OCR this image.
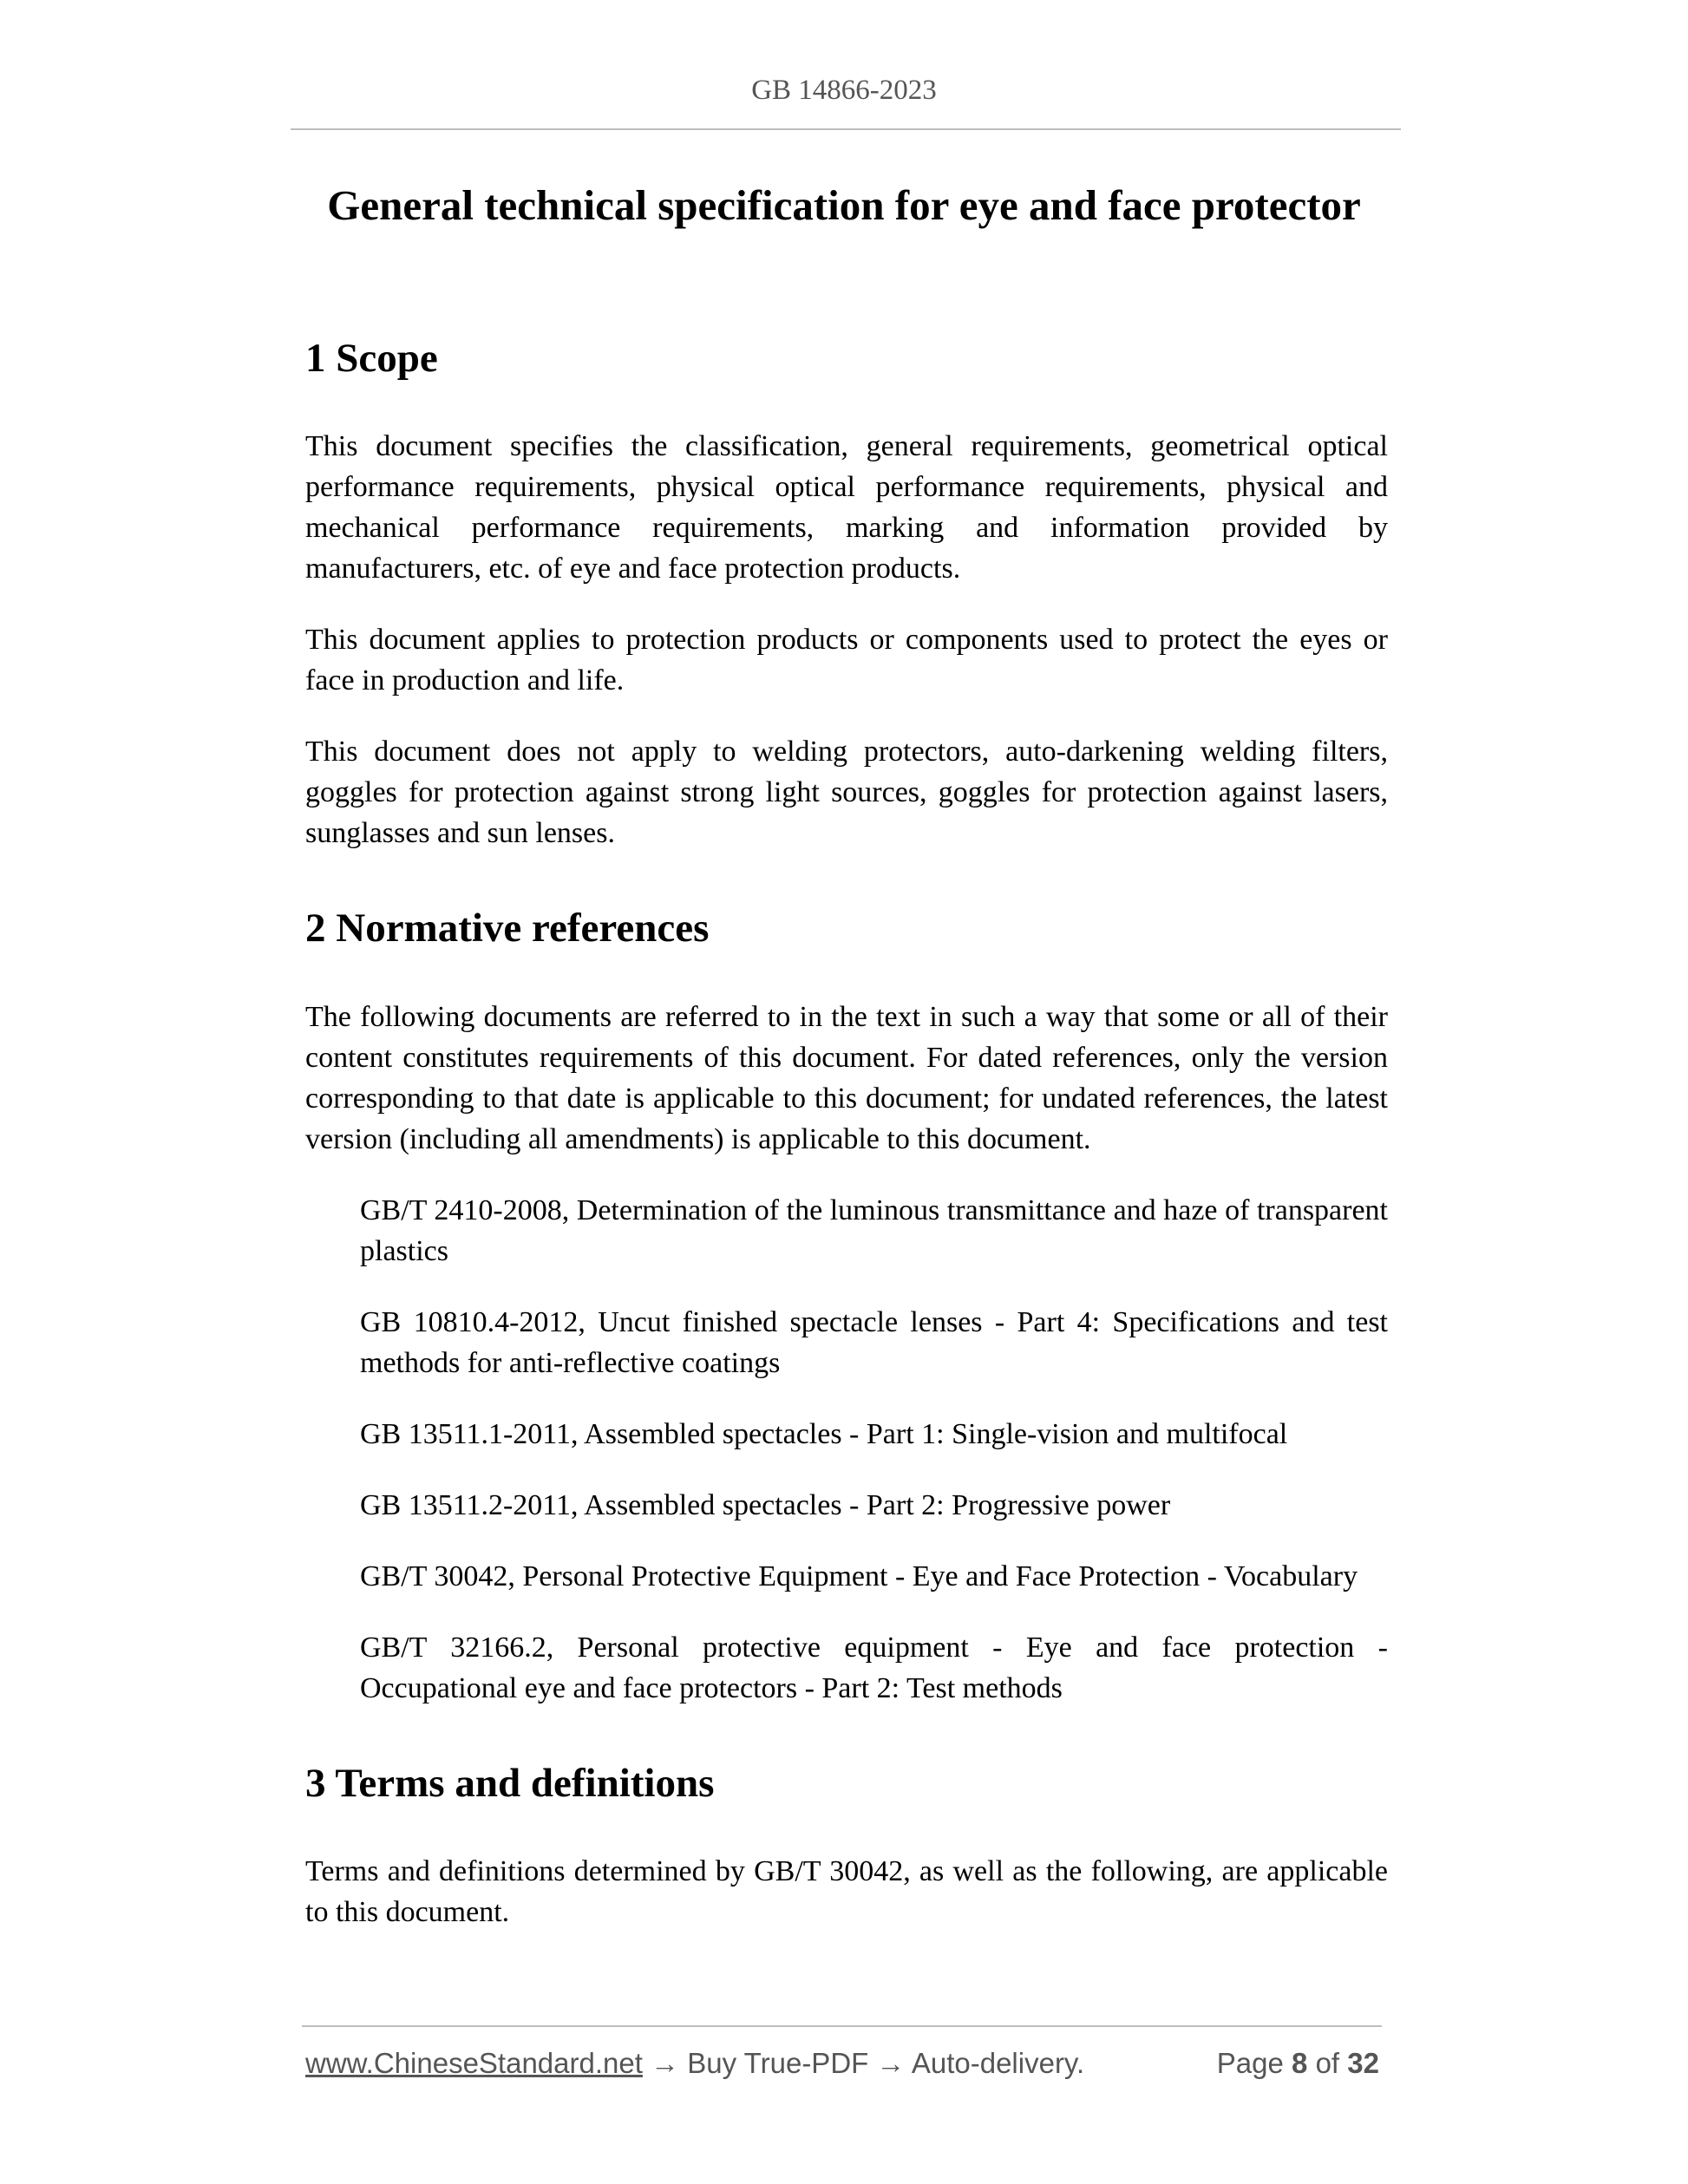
GB 14866-2023
General technical specification for eye and face protector
1 Scope

This document specifies the classification, general requirements, geometrical optical performance requirements, physical optical performance requirements, physical and mechanical performance requirements, marking and information provided by manufacturers, etc. of eye and face protection products.

This document applies to protection products or components used to protect the eyes or face in production and life.

This document does not apply to welding protectors, auto-darkening welding filters, goggles for protection against strong light sources, goggles for protection against lasers, sunglasses and sun lenses.

2 Normative references

The following documents are referred to in the text in such a way that some or all of their content constitutes requirements of this document. For dated references, only the version corresponding to that date is applicable to this document; for undated references, the latest version (including all amendments) is applicable to this document.

GB/T 2410-2008, Determination of the luminous transmittance and haze of transparent plastics
GB 10810.4-2012, Uncut finished spectacle lenses - Part 4: Specifications and test methods for anti-reflective coatings
GB 13511.1-2011, Assembled spectacles - Part 1: Single-vision and multifocal
GB 13511.2-2011, Assembled spectacles - Part 2: Progressive power
GB/T 30042, Personal Protective Equipment - Eye and Face Protection - Vocabulary
GB/T 32166.2, Personal protective equipment - Eye and face protection - Occupational eye and face protectors - Part 2: Test methods
3 Terms and definitions

Terms and definitions determined by GB/T 30042, as well as the following, are applicable to this document.

www.ChineseStandard.net → Buy True-PDF → Auto-delivery.	Page 8 of 32
